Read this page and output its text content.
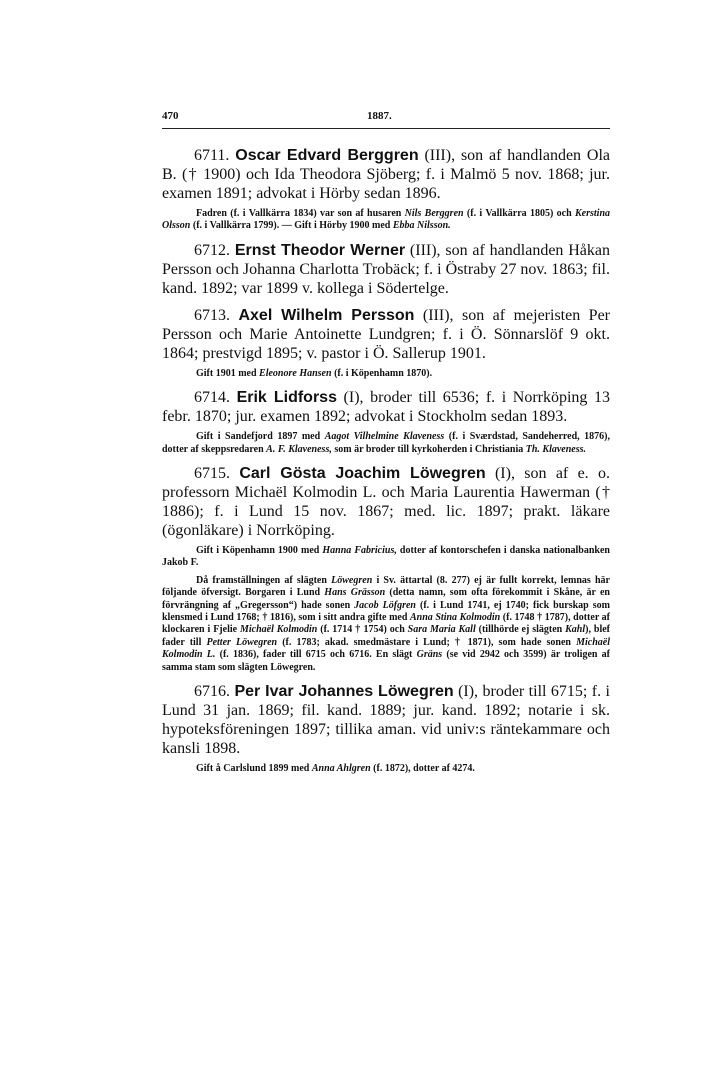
470	1887.

6711. Oscar Edvard Berggren (III), son af handlanden Ola B. († 1900) och Ida Theodora Sjöberg; f. i Malmö 5 nov. 1868; jur. examen 1891; advokat i Hörby sedan 1896.

Fadren (f. i Vallkärra 1834) var son af husaren Nils Berggren (f. i Vallkärra 1805) och Kerstina Olsson (f. i Vallkärra 1799). — Gift i Hörby 1900 med Ebba Nilsson.

6712. Ernst Theodor Werner (III), son af handlanden Håkan Persson och Johanna Charlotta Trobäck; f. i Östraby 27 nov. 1863; fil. kand. 1892; var 1899 v. kollega i Södertelge.

6713. Axel Wilhelm Persson (III), son af mejeristen Per Persson och Marie Antoinette Lundgren; f. i Ö. Sönnarslöf 9 okt. 1864; prestvigd 1895; v. pastor i Ö. Sallerup 1901.

Gift 1901 med Eleonore Hansen (f. i Köpenhamn 1870).

6714. Erik Lidforss (I), broder till 6536; f. i Norrköping 13 febr. 1870; jur. examen 1892; advokat i Stockholm sedan 1893.

Gift i Sandefjord 1897 med Aagot Vilhelmine Klaveness (f. i Sværdstad, Sandeherred, 1876), dotter af skeppsredaren A. F. Klaveness, som är broder till kyrkoherden i Christiania Th. Klaveness.

6715. Carl Gösta Joachim Löwegren (I), son af e. o. professorn Michaël Kolmodin L. och Maria Laurentia Hawerman († 1886); f. i Lund 15 nov. 1867; med. lic. 1897; prakt. läkare (ögonläkare) i Norrköping.

Gift i Köpenhamn 1900 med Hanna Fabricius, dotter af kontorschefen i danska nationalbanken Jakob F.

Då framställningen af slägten Löwegren i Sv. ättartal (8. 277) ej är fullt korrekt, lemnas här följande öfversigt. Borgaren i Lund Hans Grässon (detta namn, som ofta förekommit i Skåne, är en förvrängning af „Gregersson“) hade sonen Jacob Löfgren (f. i Lund 1741, ej 1740; fick burskap som klensmed i Lund 1768; † 1816), som i sitt andra gifte med Anna Stina Kolmodin (f. 1748 † 1787), dotter af klockaren i Fjelie Michaël Kolmodin (f. 1714 † 1754) och Sara Maria Kall (tillhörde ej slägten Kahl), blef fader till Petter Löwegren (f. 1783; akad. smedmästare i Lund; † 1871), som hade sonen Michaël Kolmodin L. (f. 1836), fader till 6715 och 6716. En slägt Gräns (se vid 2942 och 3599) är troligen af samma stam som slägten Löwegren.

6716. Per Ivar Johannes Löwegren (I), broder till 6715; f. i Lund 31 jan. 1869; fil. kand. 1889; jur. kand. 1892; notarie i sk. hypoteksföreningen 1897; tillika aman. vid univ:s räntekammare och kansli 1898.

Gift å Carlslund 1899 med Anna Ahlgren (f. 1872), dotter af 4274.
